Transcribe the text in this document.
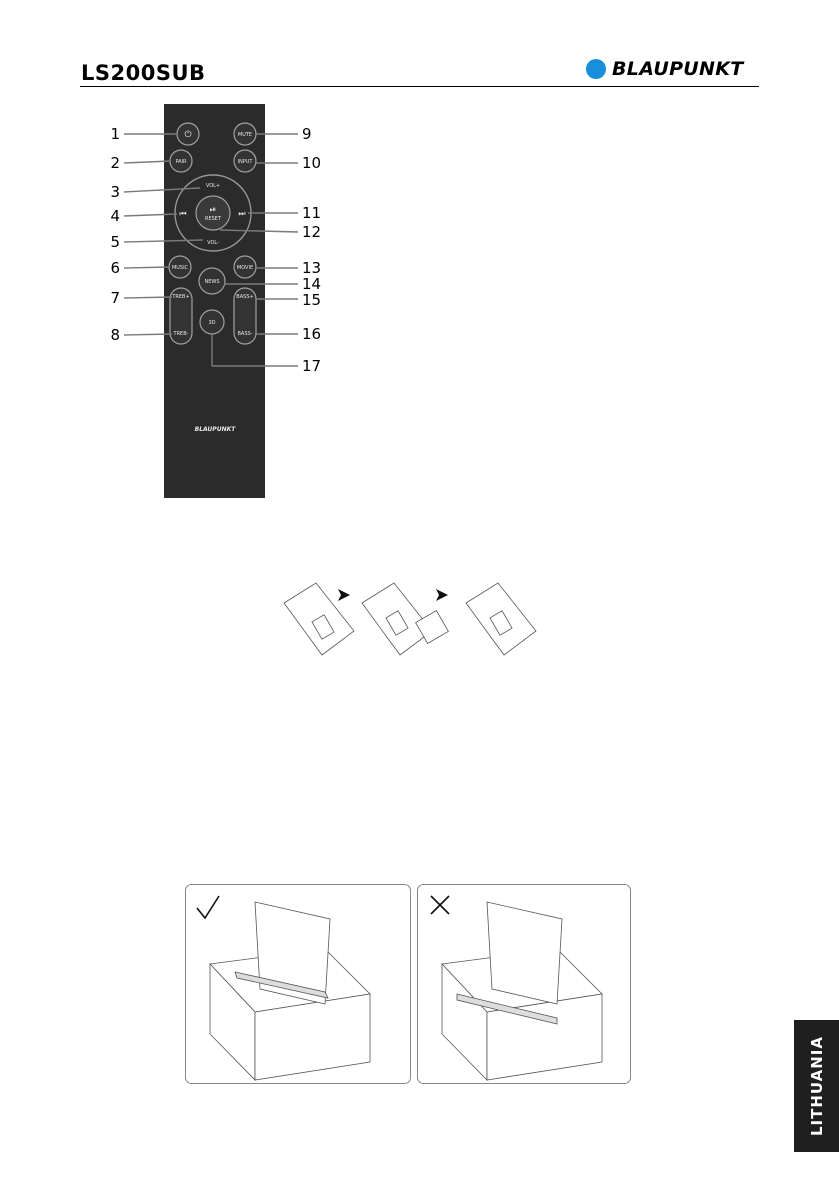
LS200SUB	BLAUPUNKT
⏻	MUTE
PAIR	INPUT
VOL+
VOL-
⏮	⏭
⏯
RESET
MUSIC
NEWS
MOVIE
TREB+
TREB-
BASS+
BASS-
3D
BLAUPUNKT
1
2
3
4
5
6
7
8
9
10
11
12
13
14
15
16
17
LITHUANIA
